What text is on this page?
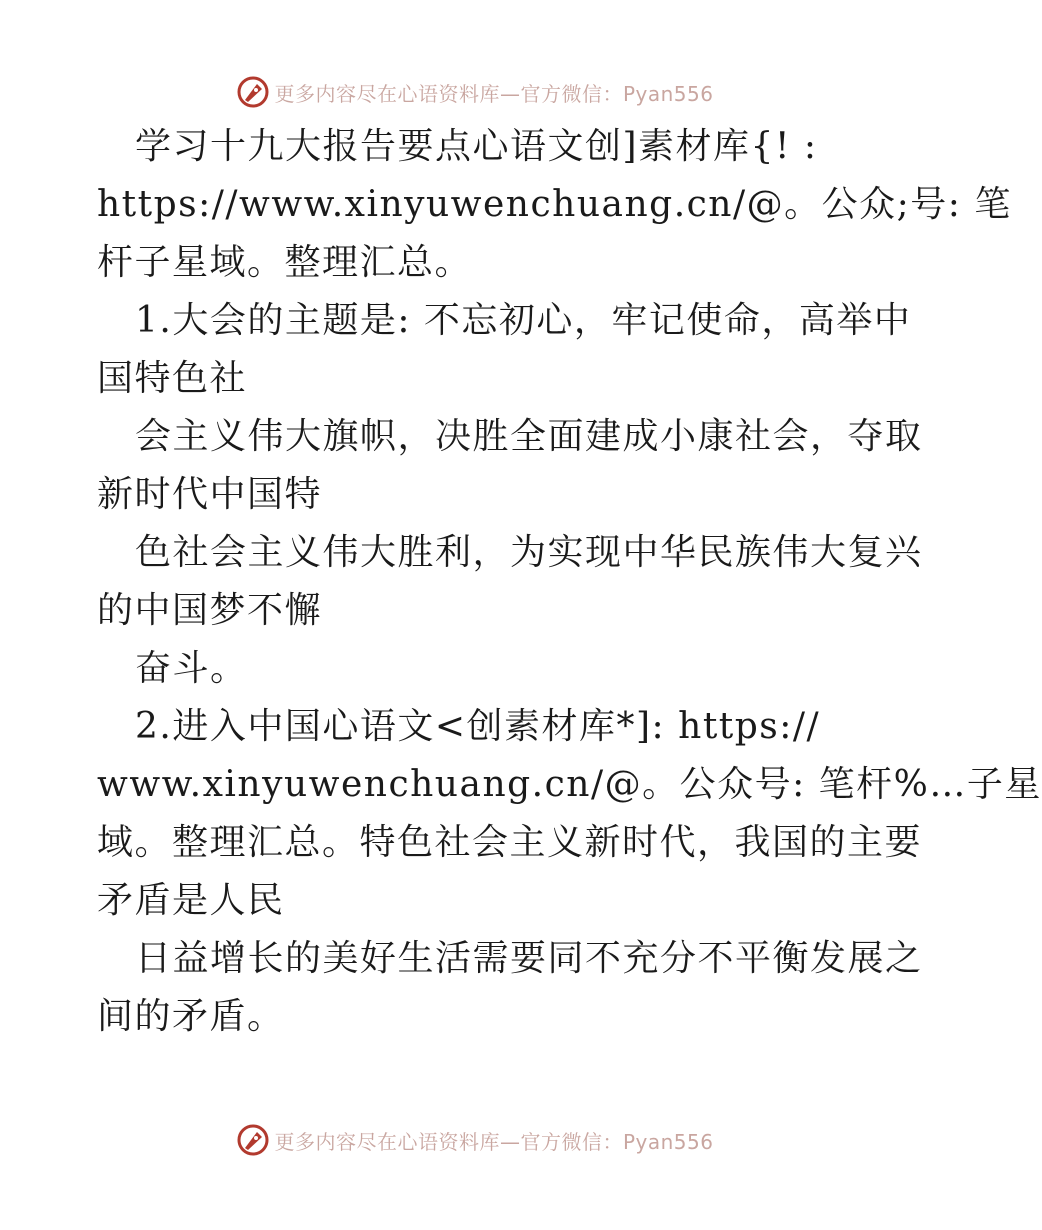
更多内容尽在心语资料库—官方微信：Pyan556
学习十九大报告要点心语文创]素材库{! :
https://www.xinyuwenchuang.cn/@。公众;号: 笔
杆子星域。整理汇总。
1.大会的主题是: 不忘初心，牢记使命，高举中
国特色社
会主义伟大旗帜，决胜全面建成小康社会，夺取
新时代中国特
色社会主义伟大胜利，为实现中华民族伟大复兴
的中国梦不懈
奋斗。
2.进入中国心语文<创素材库*]: https://
www.xinyuwenchuang.cn/@。公众号: 笔杆%…子星
域。整理汇总。特色社会主义新时代，我国的主要
矛盾是人民
日益增长的美好生活需要同不充分不平衡发展之
间的矛盾。
更多内容尽在心语资料库—官方微信：Pyan556
